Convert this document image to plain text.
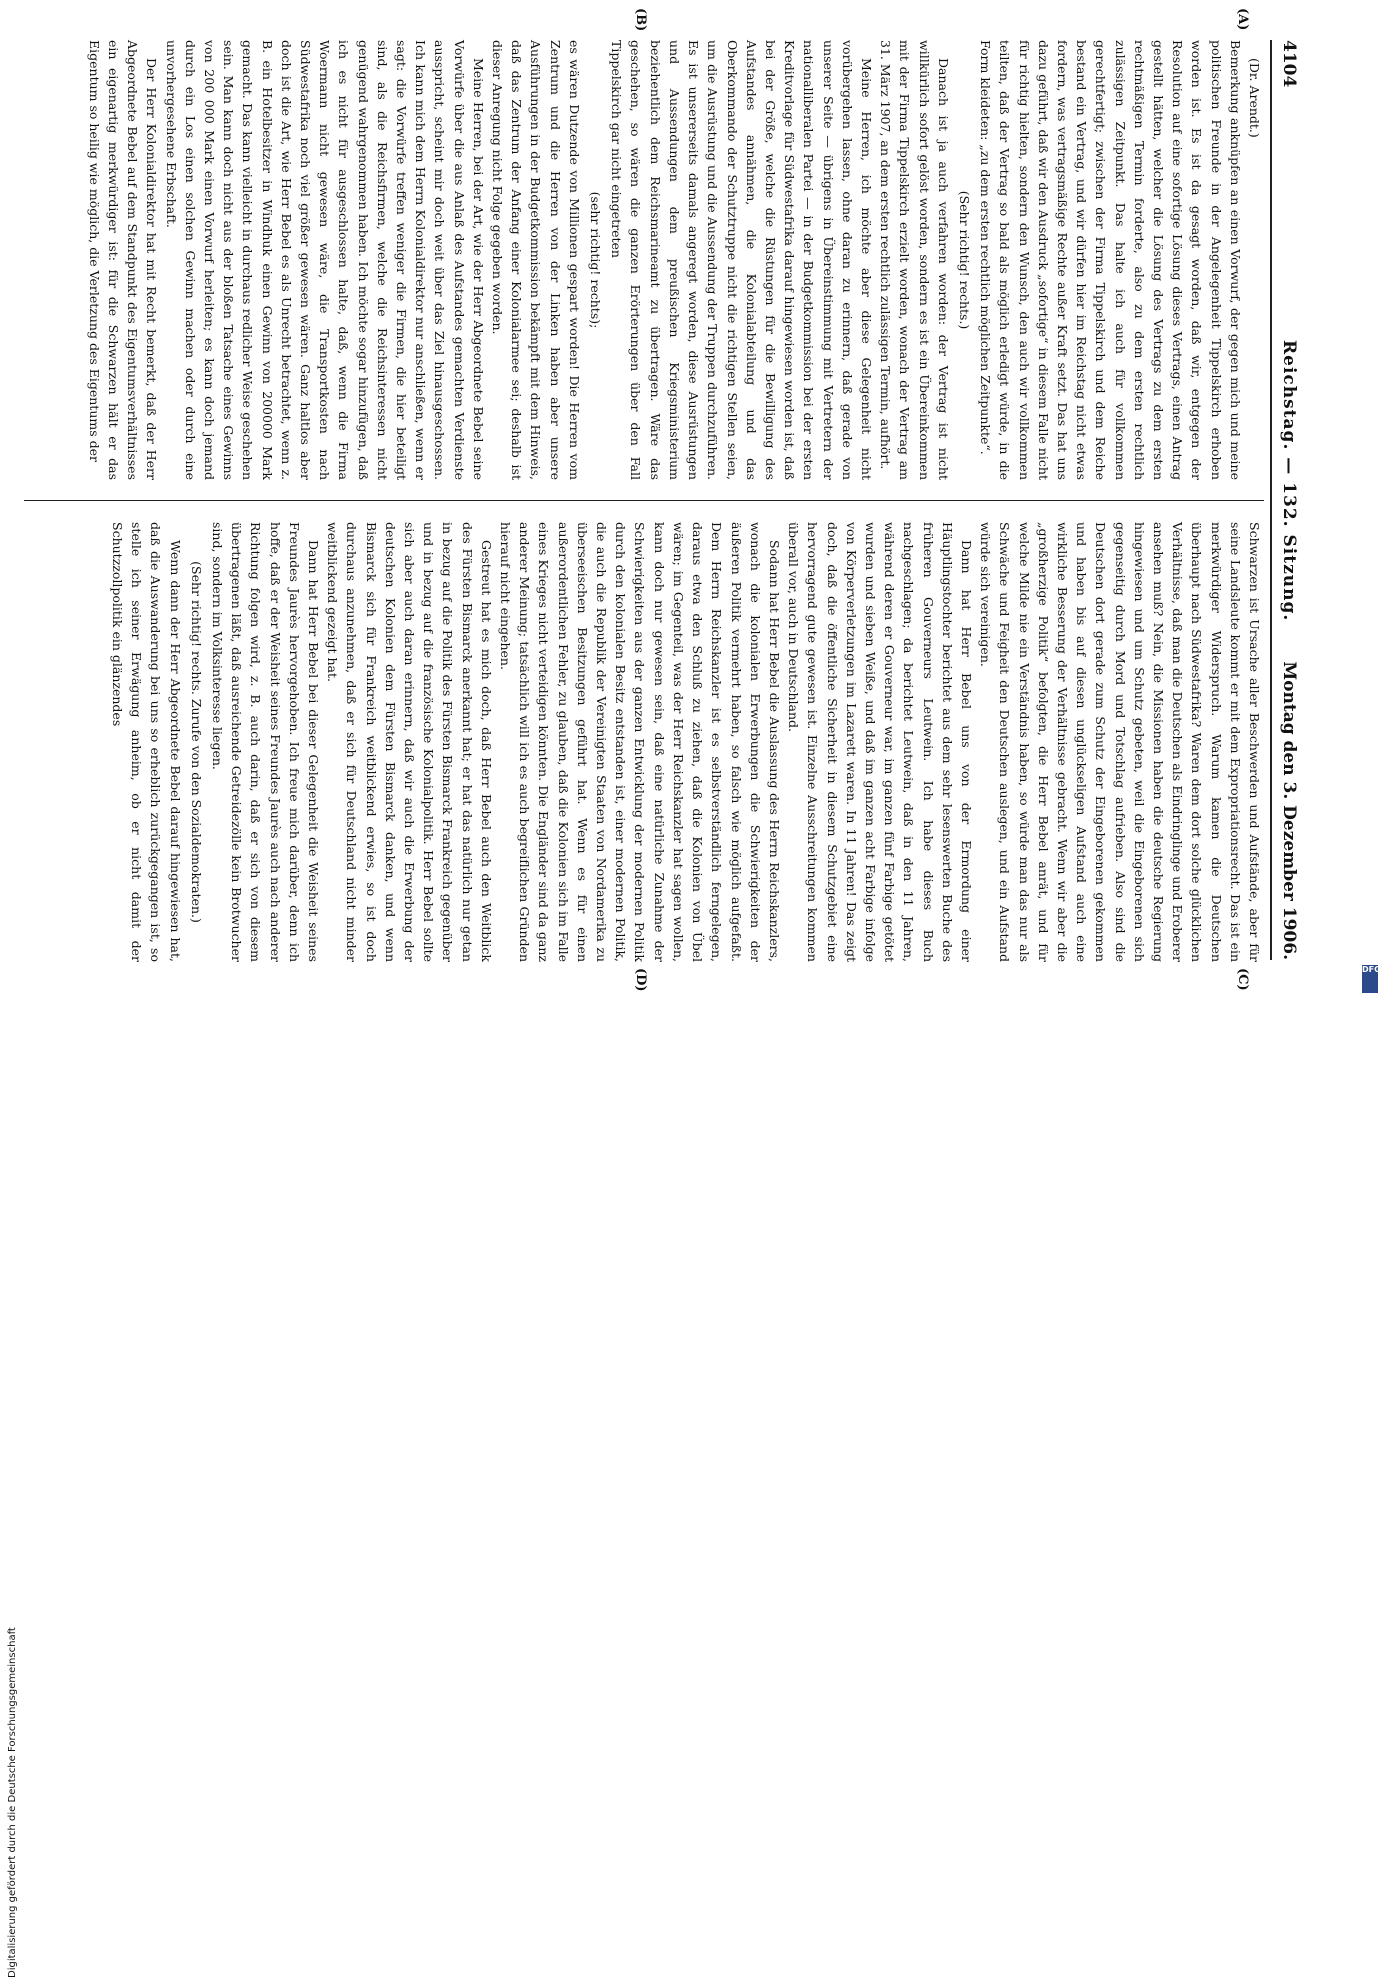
4104
Reichstag. — 132. Sitzung.
Montag den 3. Dezember 1906.
(A)
(B)
(C)
(D)

(Dr. Arendt.)

Bemerkung anknüpfen an einen Vorwurf, der gegen mich und meine politischen Freunde in der Angelegenheit Tippelskirch erhoben worden ist. Es ist da gesagt worden, daß wir, entgegen der Resolution auf eine sofortige Lösung dieses Vertrags, einen Antrag gestellt hätten, welcher die Lösung des Vertrags zu dem ersten rechtmäßigen Termin forderte, also zu dem ersten rechtlich zulässigen Zeitpunkt. Das halte ich auch für vollkommen gerechtfertigt; zwischen der Firma Tippelskirch und dem Reiche bestand ein Vertrag, und wir dürfen hier im Reichstag nicht etwas fordern, was vertragsmäßige Rechte außer Kraft setzt. Das hat uns dazu geführt, daß wir den Ausdruck „sofortige“ in diesem Falle nicht für richtig hielten, sondern den Wunsch, den auch wir vollkommen teilten, daß der Vertrag so bald als möglich erledigt würde, in die Form kleideten: „zu dem ersten rechtlich möglichen Zeitpunkte“.

(Sehr richtig! rechts.)

Danach ist ja auch verfahren worden: der Vertrag ist nicht willkürlich sofort gelöst worden, sondern es ist ein Übereinkommen mit der Firma Tippelskirch erzielt worden, wonach der Vertrag am 31. März 1907, an dem ersten rechtlich zulässigen Termin, aufhört.

Meine Herren, ich möchte aber diese Gelegenheit nicht vorübergehen lassen, ohne daran zu erinnern, daß gerade von unserer Seite — übrigens in Übereinstimmung mit Vertretern der nationalliberalen Partei — in der Budgetkommission bei der ersten Kreditvorlage für Südwestafrika darauf hingewiesen worden ist, daß bei der Größe, welche die Rüstungen für die Bewilligung des Aufstandes annähmen, die Kolonialabteilung und das Oberkommando der Schutztruppe nicht die richtigen Stellen seien, um die Ausrüstung und die Aussendung der Truppen durchzuführen. Es ist unsererseits damals angeregt worden, diese Ausrüstungen und Aussendungen dem preußischen Kriegsministerium beziehentlich dem Reichsmarineamt zu übertragen. Wäre das geschehen, so wären die ganzen Erörterungen über den Fall Tippelskirch gar nicht eingetreten

(sehr richtig! rechts);

es wären Dutzende von Millionen gespart worden! Die Herren vom Zentrum und die Herren von der Linken haben aber unsere Ausführungen in der Budgetkommission bekämpft mit dem Hinweis, daß das Zentrum der Anfang einer Kolonialarmee sei; deshalb ist dieser Anregung nicht Folge gegeben worden.

Meine Herren, bei der Art, wie der Herr Abgeordnete Bebel seine Vorwürfe über die aus Anlaß des Aufstandes gemachten Verdienste ausspricht, scheint mir doch weit über das Ziel hinausgeschossen. Ich kann mich dem Herrn Kolonialdirektor nur anschließen, wenn er sagt: die Vorwürfe treffen weniger die Firmen, die hier beteiligt sind, als die Reichsfirmen, welche die Reichsinteressen nicht genügend wahrgenommen haben. Ich möchte sogar hinzufügen, daß ich es nicht für ausgeschlossen halte, daß, wenn die Firma Woermann nicht gewesen wäre, die Transportkosten nach Südwestafrika noch viel größer gewesen wären. Ganz haltlos aber doch ist die Art, wie Herr Bebel es als Unrecht betrachtet, wenn z. B. ein Hotelbesitzer in Windhuk einen Gewinn von 200000 Mark gemacht. Das kann vielleicht in durchaus redlicher Weise geschehen sein. Man kann doch nicht aus der bloßen Tatsache eines Gewinns von 200 000 Mark einen Vorwurf herleiten; es kann doch jemand durch ein Los einen solchen Gewinn machen oder durch eine unvorhergesehene Erbschaft.

Der Herr Kolonialdirektor hat mit Recht bemerkt, daß der Herr Abgeordnete Bebel auf dem Standpunkt des Eigentumsverhältnisses ein eigenartig merkwürdiger ist: für die Schwarzen hält er das Eigentum so heilig wie möglich, die Verletzung des Eigentums der

Schwarzen ist Ursache aller Beschwerden und Aufstände, aber für seine Landsleute kommt er mit dem Expropriationsrecht. Das ist ein merkwürdiger Widerspruch. Warum kamen die Deutschen überhaupt nach Südwestafrika? Waren dem dort solche glücklichen Verhältnisse, daß man die Deutschen als Eindringlinge und Eroberer ansehen muß? Nein, die Missionen haben die deutsche Regierung hingewiesen und um Schutz gebeten, weil die Eingeborenen sich gegenseitig durch Mord und Totschlag aufrieben. Also sind die Deutschen dort gerade zum Schutz der Eingeborenen gekommen und haben bis auf diesen unglückseligen Aufstand auch eine wirkliche Besserung der Verhältnisse gebracht. Wenn wir aber die „großherzige Politik“ befolgten, die Herr Bebel anrät, und für welche Milde nie ein Verständnis haben, so würde man das nur als Schwäche und Feigheit den Deutschen auslegen, und ein Aufstand würde sich vereinigen.

Dann hat Herr Bebel uns von der Ermordung einer Häuptlingstochter berichtet aus dem sehr lesenswerten Buche des früheren Gouverneurs Leutwein. Ich habe dieses Buch nachgeschlagen; da berichtet Leutwein, daß in den 11 Jahren, während deren er Gouverneur war, im ganzen fünf Farbige getötet wurden und sieben Weiße, und daß im ganzen acht Farbige infolge von Körperverletzungen im Lazarett waren. In 11 Jahren! Das zeigt doch, daß die öffentliche Sicherheit in diesem Schutzgebiet eine hervorragend gute gewesen ist. Einzelne Ausschreitungen kommen überall vor, auch in Deutschland.

Sodann hat Herr Bebel die Auslassung des Herrn Reichskanzlers, wonach die kolonialen Erwerbungen die Schwierigkeiten der äußeren Politik vermehrt haben, so falsch wie möglich aufgefaßt. Dem Herrn Reichskanzler ist es selbstverständlich ferngelegen, daraus etwa den Schluß zu ziehen, daß die Kolonien von Übel wären; im Gegenteil, was der Herr Reichskanzler hat sagen wollen, kann doch nur gewesen sein, daß eine natürliche Zunahme der Schwierigkeiten aus der ganzen Entwicklung der modernen Politik durch den kolonialen Besitz entstanden ist, einer modernen Politik, die auch die Republik der Vereinigten Staaten von Nordamerika zu überseeischen Besitzungen geführt hat. Wenn es für einen außerordentlichen Fehler, zu glauben, daß die Kolonien sich im Falle eines Krieges nicht verteidigen könnten. Die Engländer sind da ganz anderer Meinung; tatsächlich will ich es auch begreiflichen Gründen hierauf nicht eingehen.

Gestreut hat es mich doch, daß Herr Bebel auch den Weitblick des Fürsten Bismarck anerkannt hat; er hat das natürlich nur getan in bezug auf die Politik des Fürsten Bismarck Frankreich gegenüber und in bezug auf die französische Kolonialpolitik. Herr Bebel sollte sich aber auch daran erinnern, daß wir auch die Erwerbung der deutschen Kolonien dem Fürsten Bismarck danken, und wenn Bismarck sich für Frankreich weitblickend erwies, so ist doch durchaus anzunehmen, daß er sich für Deutschland nicht minder weitblickend gezeigt hat.

Dann hat Herr Bebel bei dieser Gelegenheit die Weisheit seines Freundes Jaurès hervorgehoben. Ich freue mich darüber, denn ich hoffe, daß er der Weisheit seines Freundes Jaurès auch nach anderer Richtung folgen wird, z. B. auch darin, daß er sich von diesem übertragenen läßt, daß ausreichende Getreidezölle kein Brotwucher sind, sondern im Volksinteresse liegen.

(Sehr richtig! rechts. Zurufe von den Sozialdemokraten.)

Wenn dann der Herr Abgeordnete Bebel darauf hingewiesen hat, daß die Auswanderung bei uns so erheblich zurückgegangen ist, so stelle ich seiner Erwägung anheim, ob er nicht damit der Schutzzollpolitik ein glänzendes

Digitalisierung gefördert durch die Deutsche Forschungsgemeinschaft
DFG
